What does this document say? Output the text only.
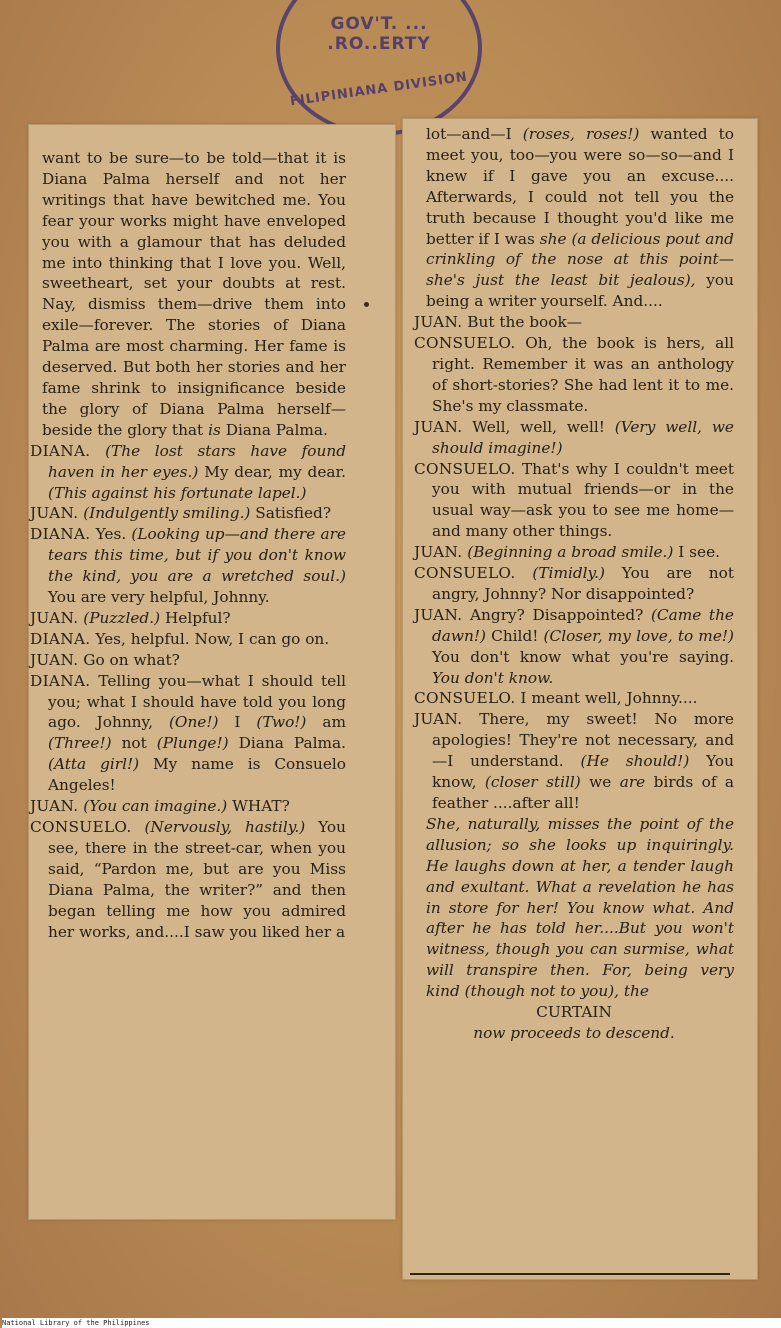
GOV'T. ... .RO..ERTY
FILIPINIANA DIVISION

want to be sure—to be told—that it is Diana Palma herself and not her writings that have bewitched me. You fear your works might have enveloped you with a glamour that has deluded me into thinking that I love you. Well, sweetheart, set your doubts at rest. Nay, dismiss them—drive them into exile—forever. The stories of Diana Palma are most charming. Her fame is deserved. But both her stories and her fame shrink to insignificance beside the glory of Diana Palma herself—beside the glory that is Diana Palma.

DIANA. (The lost stars have found haven in her eyes.) My dear, my dear. (This against his fortunate lapel.)

JUAN. (Indulgently smiling.) Satisfied?

DIANA. Yes. (Looking up—and there are tears this time, but if you don't know the kind, you are a wretched soul.) You are very helpful, Johnny.

JUAN. (Puzzled.) Helpful?

DIANA. Yes, helpful. Now, I can go on.

JUAN. Go on what?

DIANA. Telling you—what I should tell you; what I should have told you long ago. Johnny, (One!) I (Two!) am (Three!) not (Plunge!) Diana Palma. (Atta girl!) My name is Consuelo Angeles!

JUAN. (You can imagine.) WHAT?

CONSUELO. (Nervously, hastily.) You see, there in the street-car, when you said, “Pardon me, but are you Miss Diana Palma, the writer?” and then began telling me how you admired her works, and....I saw you liked her a

lot—and—I (roses, roses!) wanted to meet you, too—you were so—so—and I knew if I gave you an excuse.... Afterwards, I could not tell you the truth because I thought you'd like me better if I was she (a delicious pout and crinkling of the nose at this point—she's just the least bit jealous), you being a writer yourself. And....

JUAN. But the book—

CONSUELO. Oh, the book is hers, all right. Remember it was an anthology of short-stories? She had lent it to me. She's my classmate.

JUAN. Well, well, well! (Very well, we should imagine!)

CONSUELO. That's why I couldn't meet you with mutual friends—or in the usual way—ask you to see me home—and many other things.

JUAN. (Beginning a broad smile.) I see.

CONSUELO. (Timidly.) You are not angry, Johnny? Nor disappointed?

JUAN. Angry? Disappointed? (Came the dawn!) Child! (Closer, my love, to me!) You don't know what you're saying. You don't know.

CONSUELO. I meant well, Johnny....

JUAN. There, my sweet! No more apologies! They're not necessary, and—I understand. (He should!) You know, (closer still) we are birds of a feather ....after all!

She, naturally, misses the point of the allusion; so she looks up inquiringly. He laughs down at her, a tender laugh and exultant. What a revelation he has in store for her! You know what. And after he has told her....But you won't witness, though you can surmise, what will transpire then. For, being very kind (though not to you), the

CURTAIN

now proceeds to descend.

National Library of the Philippines
